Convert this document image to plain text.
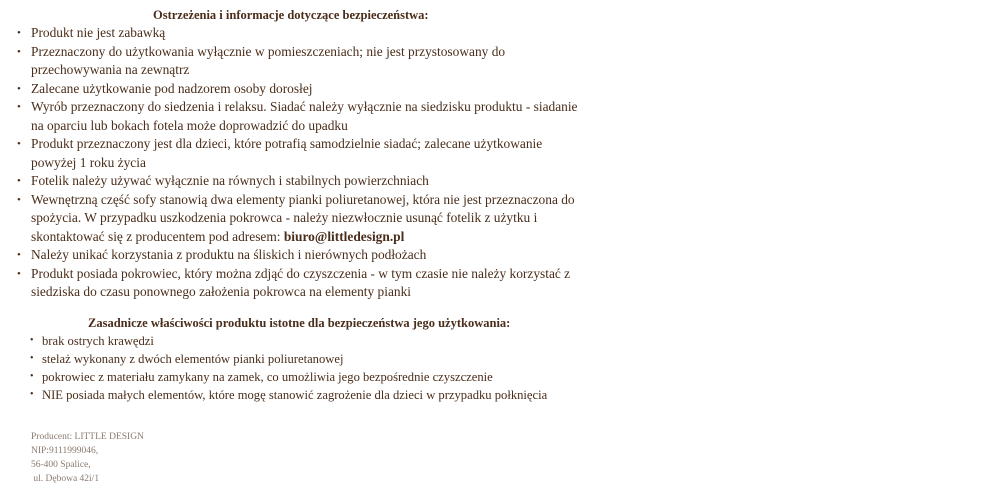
Ostrzeżenia i informacje dotyczące bezpieczeństwa:
• Produkt nie jest zabawką
• Przeznaczony do użytkowania wyłącznie w pomieszczeniach; nie jest przystosowany do przechowywania na zewnątrz
• Zalecane użytkowanie pod nadzorem osoby dorosłej
• Wyrób przeznaczony do siedzenia i relaksu. Siadać należy wyłącznie na siedzisku produktu - siadanie na oparciu lub bokach fotela może doprowadzić do upadku
• Produkt przeznaczony jest dla dzieci, które potrafią samodzielnie siadać; zalecane użytkowanie powyżej 1 roku życia
• Fotelik należy używać wyłącznie na równych i stabilnych powierzchniach
• Wewnętrzną część sofy stanowią dwa elementy pianki poliuretanowej, która nie jest przeznaczona do spożycia. W przypadku uszkodzenia pokrowca - należy niezwłocznie usunąć fotelik z użytku i skontaktować się z producentem pod adresem: biuro@littledesign.pl
• Należy unikać korzystania z produktu na śliskich i nierównych podłożach
• Produkt posiada pokrowiec, który można zdjąć do czyszczenia - w tym czasie nie należy korzystać z siedziska do czasu ponownego założenia pokrowca na elementy pianki
Zasadnicze właściwości produktu istotne dla bezpieczeństwa jego użytkowania:
• brak ostrych krawędzi
• stelaż wykonany z dwóch elementów pianki poliuretanowej
• pokrowiec z materiału zamykany na zamek, co umożliwia jego bezpośrednie czyszczenie
• NIE posiada małych elementów, które mogę stanowić zagrożenie dla dzieci w przypadku połknięcia
Producent: LITTLE DESIGN
NIP:9111999046,
56-400 Spalice,
ul. Dębowa 42i/1
